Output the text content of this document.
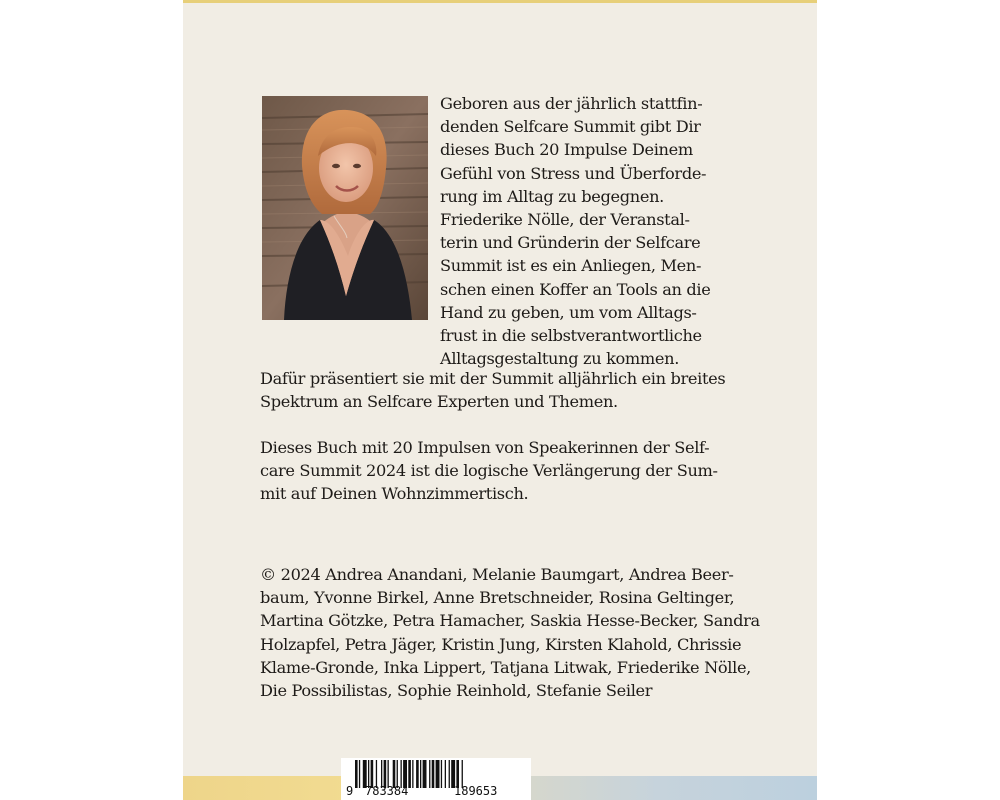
Geboren aus der jährlich stattfin-
denden Selfcare Summit gibt Dir
dieses Buch 20 Impulse Deinem
Gefühl von Stress und Überforde-
rung im Alltag zu begegnen.
Friederike Nölle, der Veranstal-
terin und Gründerin der Selfcare
Summit ist es ein Anliegen, Men-
schen einen Koffer an Tools an die
Hand zu geben, um vom Alltags-
frust in die selbstverantwortliche
Alltagsgestaltung zu kommen.
Dafür präsentiert sie mit der Summit alljährlich ein breites
Spektrum an Selfcare Experten und Themen.
Dieses Buch mit 20 Impulsen von Speakerinnen der Self-
care Summit 2024 ist die logische Verlängerung der Sum-
mit auf Deinen Wohnzimmertisch.
© 2024 Andrea Anandani, Melanie Baumgart, Andrea Beer-
baum, Yvonne Birkel, Anne Bretschneider, Rosina Geltinger,
Martina Götzke, Petra Hamacher, Saskia Hesse-Becker, Sandra
Holzapfel, Petra Jäger, Kristin Jung, Kirsten Klahold, Chrissie
Klame-Gronde, Inka Lippert, Tatjana Litwak, Friederike Nölle,
Die Possibilistas, Sophie Reinhold, Stefanie Seiler
9 783384	189653
